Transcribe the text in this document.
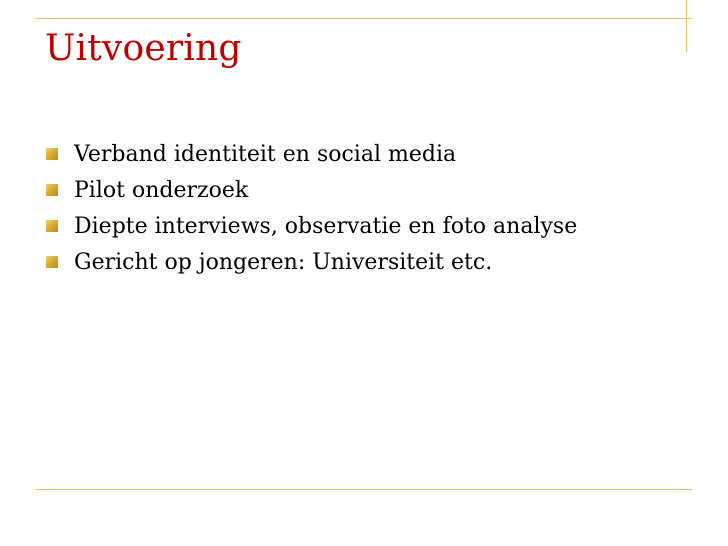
Uitvoering
Verband identiteit en social media
Pilot onderzoek
Diepte interviews, observatie en foto analyse
Gericht op jongeren: Universiteit etc.
